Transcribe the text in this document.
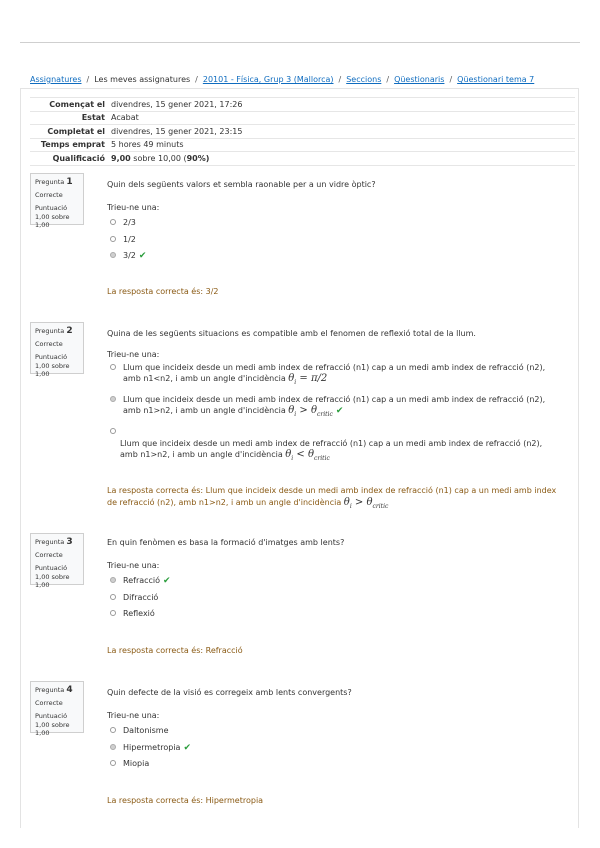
Assignatures / Les meves assignatures / 20101 - Física, Grup 3 (Mallorca) / Seccions / Qüestionaris / Qüestionari tema 7
Començat el	divendres, 15 gener 2021, 17:26
Estat	Acabat
Completat el	divendres, 15 gener 2021, 23:15
Temps emprat	5 hores 49 minuts
Qualificació	9,00 sobre 10,00 (90%)
Pregunta 1
Correcte
Puntuació 1,00 sobre 1,00

Quin dels següents valors et sembla raonable per a un vidre òptic?

Trieu-ne una:
2/3
1/2
3/2 ✔
La resposta correcta és: 3/2
Pregunta 2
Correcte
Puntuació 1,00 sobre 1,00

Quina de les següents situacions es compatible amb el fenomen de reflexió total de la llum.

Trieu-ne una:
Llum que incideix desde un medi amb index de refracció (n1) cap a un medi amb index de refracció (n2), amb n1<n2, i amb un angle d'incidència $\theta_i = \pi/2$
Llum que incideix desde un medi amb index de refracció (n1) cap a un medi amb index de refracció (n2), amb n1>n2, i amb un angle d'incidència $\theta_i > \theta_{critic}$ ✔
Llum que incideix desde un medi amb index de refracció (n1) cap a un medi amb index de refracció (n2), amb n1>n2, i amb un angle d'incidència $\theta_i < \theta_{critic}$
La resposta correcta és: Llum que incideix desde un medi amb index de refracció (n1) cap a un medi amb index de refracció (n2), amb n1>n2, i amb un angle d'incidència $\theta_i > \theta_{critic}$
Pregunta 3
Correcte
Puntuació 1,00 sobre 1,00

En quin fenòmen es basa la formació d'imatges amb lents?

Trieu-ne una:
Refracció ✔
Difracció
Reflexió
La resposta correcta és: Refracció
Pregunta 4
Correcte
Puntuació 1,00 sobre 1,00

Quin defecte de la visió es corregeix amb lents convergents?

Trieu-ne una:
Daltonisme
Hipermetropia ✔
Miopia
La resposta correcta és: Hipermetropia
